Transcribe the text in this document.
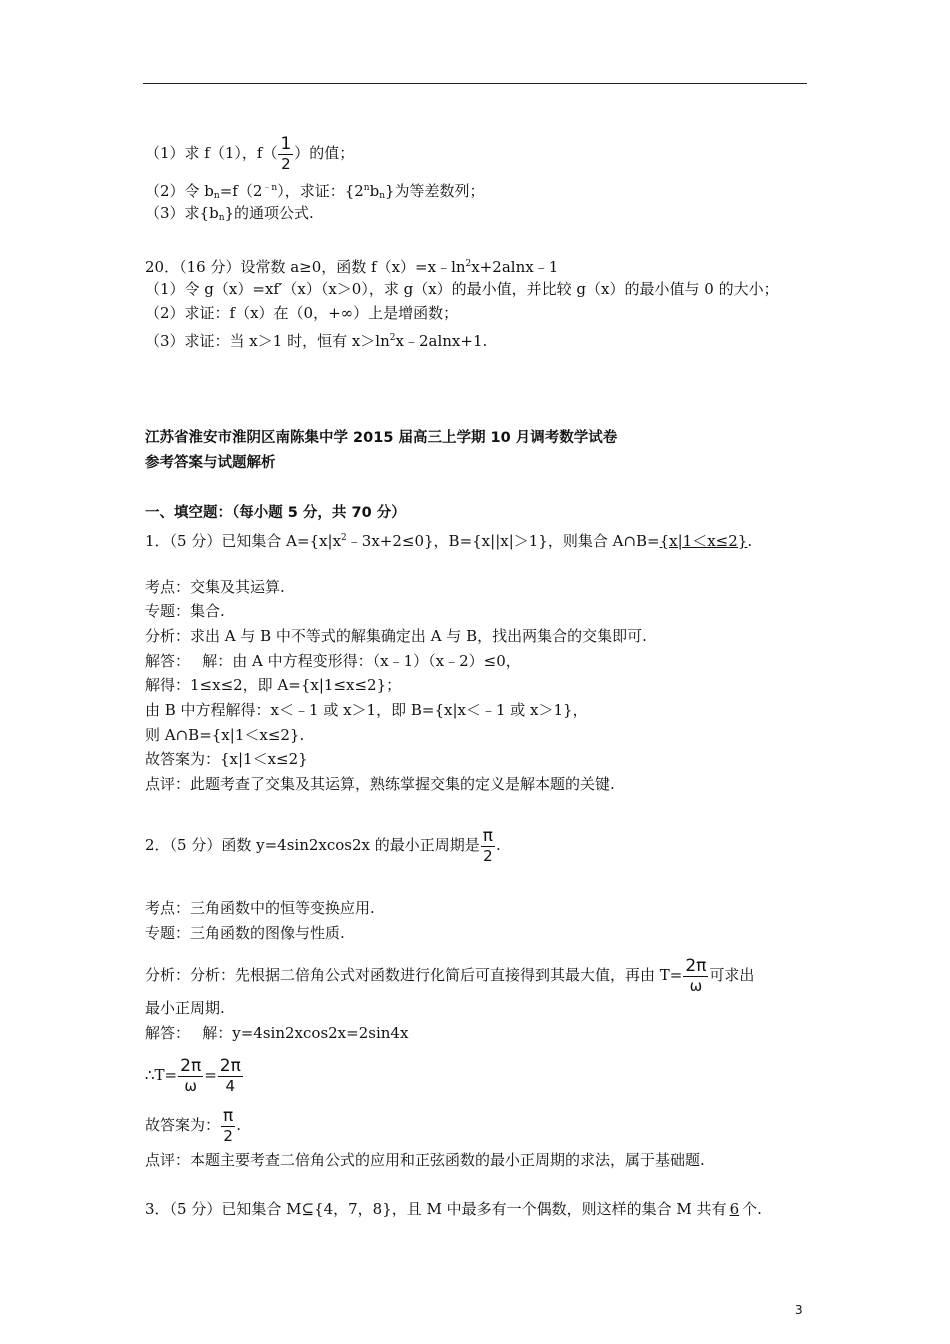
（1）求 f（1），$f( \frac{1}{2}$ ）的值；
（2）令 $b_n=f(2^{﹣n})$，求证：$\{2^nb_n\}$为等差数列；
（3）求$\{b_n\}$的通项公式.
20．（16 分）设常数 a≥0，函数 $f(x)=x﹣\ln^2x+2alnx﹣1$
（1）令 g（x）=xf′（x）（x＞0），求 g（x）的最小值，并比较 g（x）的最小值与 0 的大小；
（2）求证：f（x）在（0，+∞）上是增函数；
（3）求证：当 x＞1 时，恒有 $x>\ln^2x﹣2alnx+1$.
江苏省淮安市淮阴区南陈集中学 2015 届高三上学期 10 月调考数学试卷
参考答案与试题解析
一、填空题：（每小题 5 分，共 70 分）
1．（5 分）已知集合 $A=\{x|x^2﹣3x+2\le 0\}$，B={x||x|＞1}，则集合 A∩B={x|1＜x≤2}.
考点：交集及其运算.
专题：集合.
分析：求出 A 与 B 中不等式的解集确定出 A 与 B，找出两集合的交集即可.
解答：　 解：由 A 中方程变形得：（x﹣1）（x﹣2）≤0，
解得：1≤x≤2，即 A={x|1≤x≤2}；
由 B 中方程解得：x＜﹣1 或 x＞1，即 B={x|x＜﹣1 或 x＞1}，
则 A∩B={x|1＜x≤2}.
故答案为：{x|1＜x≤2}
点评：此题考查了交集及其运算，熟练掌握交集的定义是解本题的关键.
2．（5 分）函数 y=4sin2xcos2x 的最小正周期是 $\frac{\pi}{2}$ .
考点：三角函数中的恒等变换应用.
专题：三角函数的图像与性质.
分析：分析：先根据二倍角公式对函数进行化简后可直接得到其最大值，再由 $T= \frac{2\pi}{\omega}$ 可求出
最小正周期.
解答：　 解：y=4sin2xcos2x=2sin4x
∴T= $\frac{2\pi}{\omega} = \frac{2\pi}{4}$
故答案为： $\frac{\pi}{2}$ .
点评：本题主要考查二倍角公式的应用和正弦函数的最小正周期的求法，属于基础题.
3．（5 分）已知集合 M⊆{4，7，8}，且 M 中最多有一个偶数，则这样的集合 M 共有 6 个.
3
